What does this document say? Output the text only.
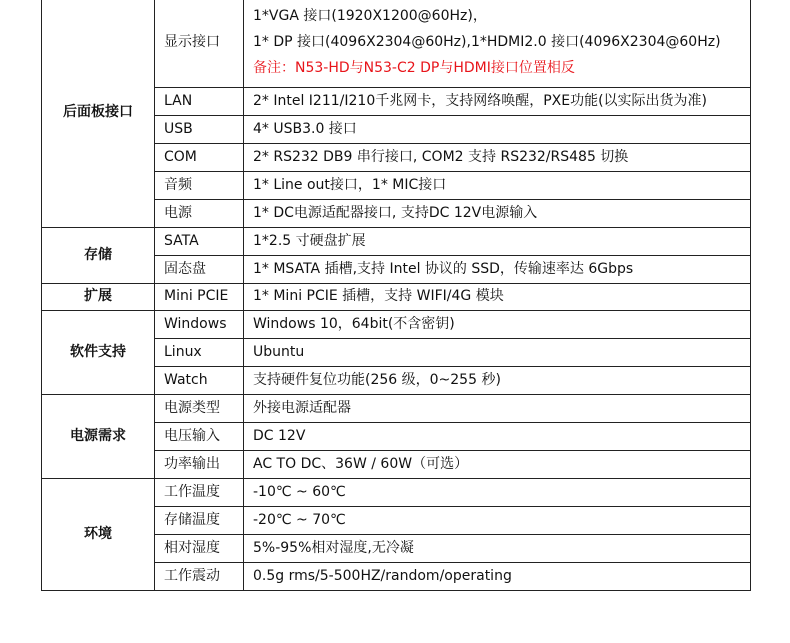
后面板接口	显示接口	1*VGA 接口(1920X1200@60Hz)，
1* DP 接口(4096X2304@60Hz),1*HDMI2.0 接口(4096X2304@60Hz)
备注：N53-HD与N53-C2 DP与HDMI接口位置相反

	LAN	2* Intel I211/I210千兆网卡，支持网络唤醒，PXE功能(以实际出货为准)
	USB	4* USB3.0 接口
	COM	2* RS232 DB9 串行接口, COM2 支持 RS232/RS485 切换
	音频	1* Line out接口，1* MIC接口
	电源	1* DC电源适配器接口, 支持DC 12V电源输入
存储	SATA	1*2.5 寸硬盘扩展
	固态盘	1* MSATA 插槽,支持 Intel 协议的 SSD，传输速率达 6Gbps
扩展	Mini PCIE	1* Mini PCIE 插槽，支持 WIFI/4G 模块
软件支持	Windows	Windows 10，64bit(不含密钥)
	Linux	Ubuntu
	Watch	支持硬件复位功能(256 级，0~255 秒)
电源需求	电源类型	外接电源适配器
	电压输入	DC 12V
	功率输出	AC TO DC、36W / 60W（可选）
环境	工作温度	-10℃ ~ 60℃
	存储温度	-20℃ ~ 70℃
	相对湿度	5%-95%相对湿度,无冷凝
	工作震动	0.5g rms/5-500HZ/random/operating
